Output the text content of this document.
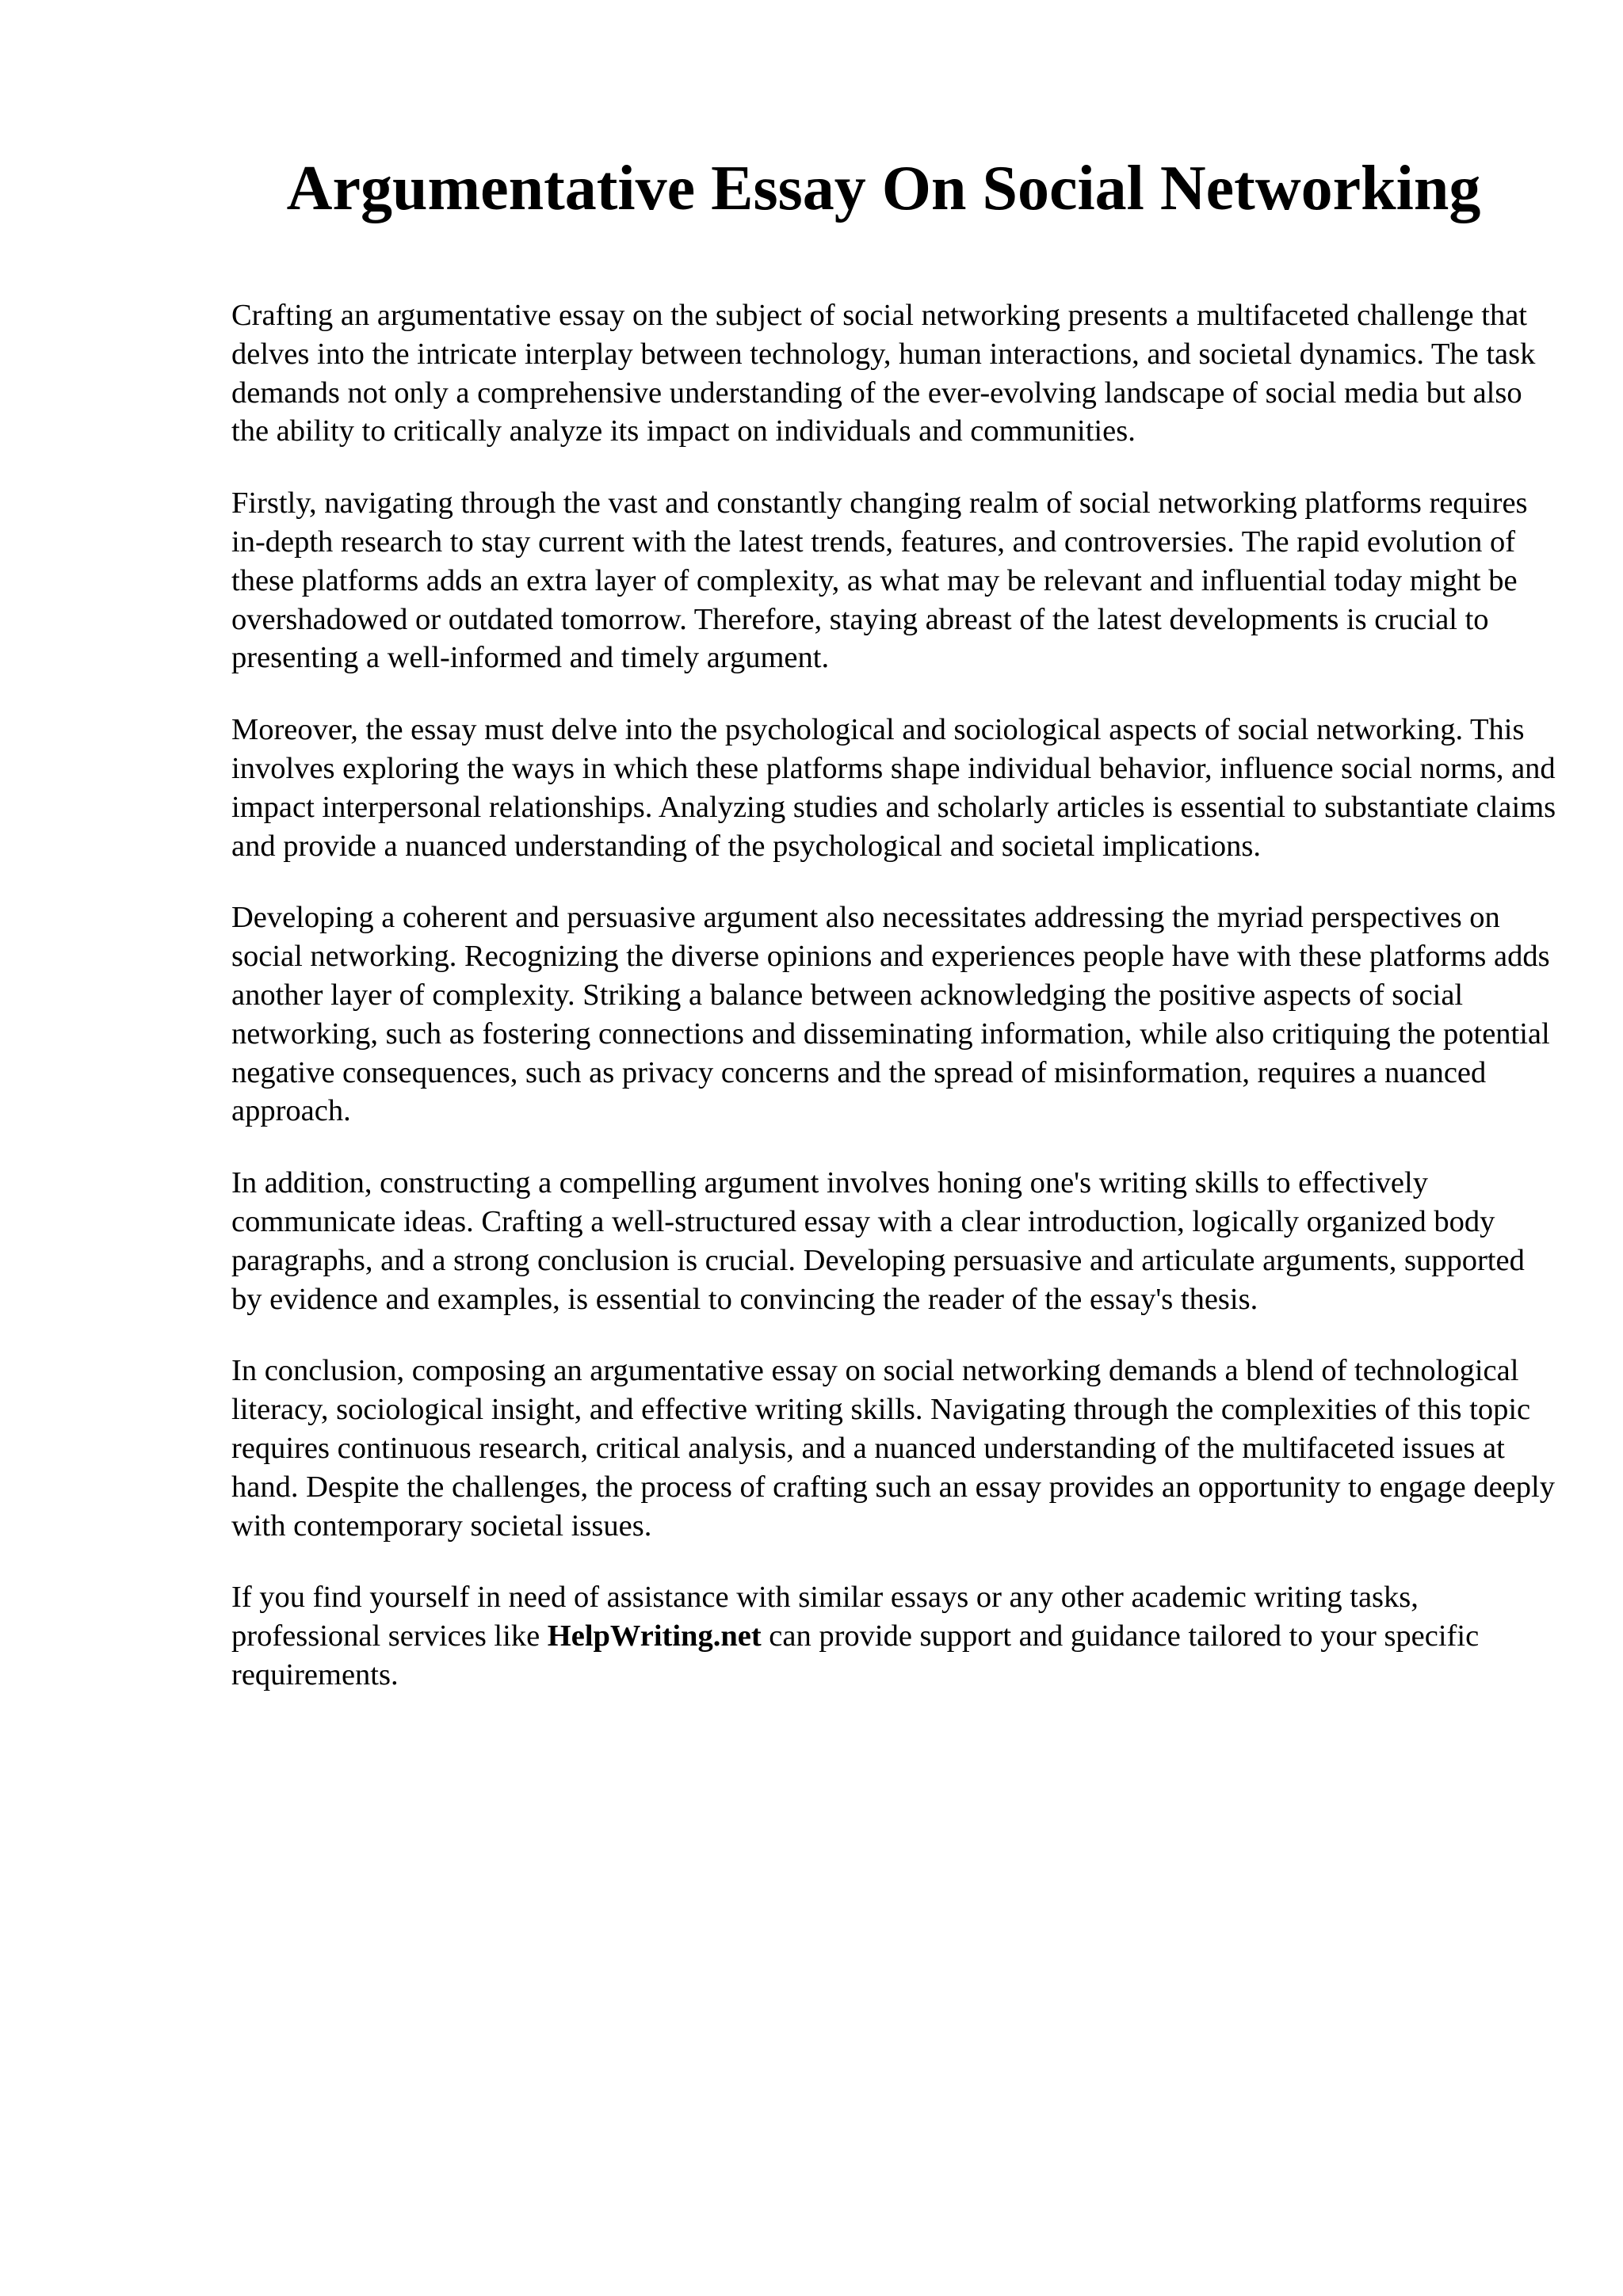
Argumentative Essay On Social Networking

Crafting an argumentative essay on the subject of social networking presents a multifaceted challenge that delves into the intricate interplay between technology, human interactions, and societal dynamics. The task demands not only a comprehensive understanding of the ever-evolving landscape of social media but also the ability to critically analyze its impact on individuals and communities.

Firstly, navigating through the vast and constantly changing realm of social networking platforms requires in-depth research to stay current with the latest trends, features, and controversies. The rapid evolution of these platforms adds an extra layer of complexity, as what may be relevant and influential today might be overshadowed or outdated tomorrow. Therefore, staying abreast of the latest developments is crucial to presenting a well-informed and timely argument.

Moreover, the essay must delve into the psychological and sociological aspects of social networking. This involves exploring the ways in which these platforms shape individual behavior, influence social norms, and impact interpersonal relationships. Analyzing studies and scholarly articles is essential to substantiate claims and provide a nuanced understanding of the psychological and societal implications.

Developing a coherent and persuasive argument also necessitates addressing the myriad perspectives on social networking. Recognizing the diverse opinions and experiences people have with these platforms adds another layer of complexity. Striking a balance between acknowledging the positive aspects of social networking, such as fostering connections and disseminating information, while also critiquing the potential negative consequences, such as privacy concerns and the spread of misinformation, requires a nuanced approach.

In addition, constructing a compelling argument involves honing one's writing skills to effectively communicate ideas. Crafting a well-structured essay with a clear introduction, logically organized body paragraphs, and a strong conclusion is crucial. Developing persuasive and articulate arguments, supported by evidence and examples, is essential to convincing the reader of the essay's thesis.

In conclusion, composing an argumentative essay on social networking demands a blend of technological literacy, sociological insight, and effective writing skills. Navigating through the complexities of this topic requires continuous research, critical analysis, and a nuanced understanding of the multifaceted issues at hand. Despite the challenges, the process of crafting such an essay provides an opportunity to engage deeply with contemporary societal issues.

If you find yourself in need of assistance with similar essays or any other academic writing tasks, professional services like HelpWriting.net can provide support and guidance tailored to your specific requirements.
